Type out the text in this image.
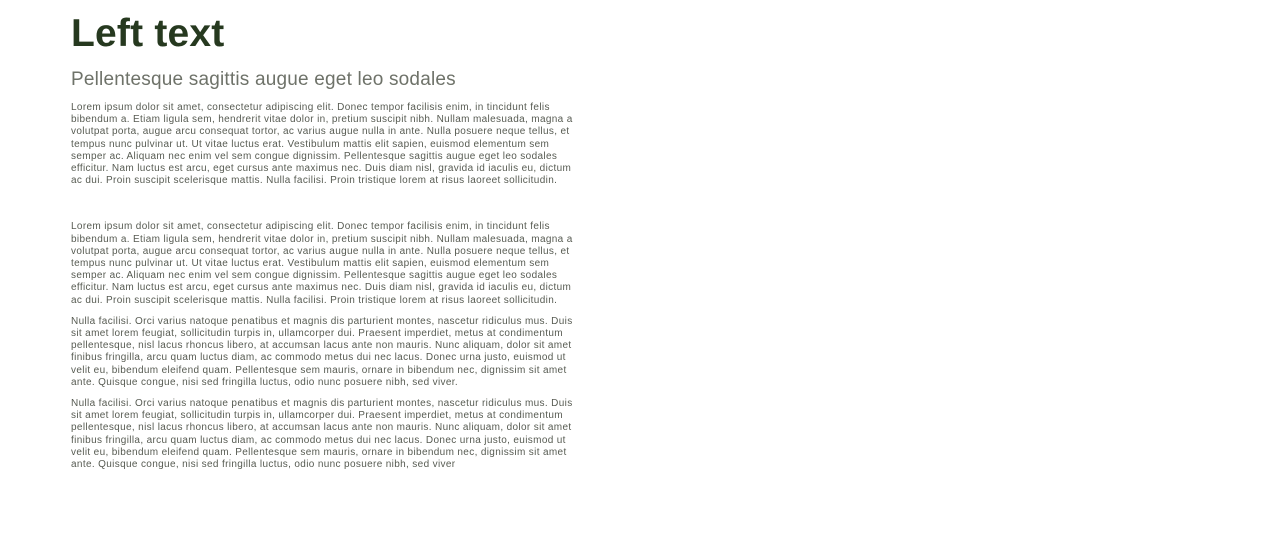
Left text
Pellentesque sagittis augue eget leo sodales

Lorem ipsum dolor sit amet, consectetur adipiscing elit. Donec tempor facilisis enim, in tincidunt felis bibendum a. Etiam ligula sem, hendrerit vitae dolor in, pretium suscipit nibh. Nullam malesuada, magna a volutpat porta, augue arcu consequat tortor, ac varius augue nulla in ante. Nulla posuere neque tellus, et tempus nunc pulvinar ut. Ut vitae luctus erat. Vestibulum mattis elit sapien, euismod elementum sem semper ac. Aliquam nec enim vel sem congue dignissim. Pellentesque sagittis augue eget leo sodales efficitur. Nam luctus est arcu, eget cursus ante maximus nec. Duis diam nisl, gravida id iaculis eu, dictum ac dui. Proin suscipit scelerisque mattis. Nulla facilisi. Proin tristique lorem at risus laoreet sollicitudin.

Lorem ipsum dolor sit amet, consectetur adipiscing elit. Donec tempor facilisis enim, in tincidunt felis bibendum a. Etiam ligula sem, hendrerit vitae dolor in, pretium suscipit nibh. Nullam malesuada, magna a volutpat porta, augue arcu consequat tortor, ac varius augue nulla in ante. Nulla posuere neque tellus, et tempus nunc pulvinar ut. Ut vitae luctus erat. Vestibulum mattis elit sapien, euismod elementum sem semper ac. Aliquam nec enim vel sem congue dignissim. Pellentesque sagittis augue eget leo sodales efficitur. Nam luctus est arcu, eget cursus ante maximus nec. Duis diam nisl, gravida id iaculis eu, dictum ac dui. Proin suscipit scelerisque mattis. Nulla facilisi. Proin tristique lorem at risus laoreet sollicitudin.

Nulla facilisi. Orci varius natoque penatibus et magnis dis parturient montes, nascetur ridiculus mus. Duis sit amet lorem feugiat, sollicitudin turpis in, ullamcorper dui. Praesent imperdiet, metus at condimentum pellentesque, nisl lacus rhoncus libero, at accumsan lacus ante non mauris. Nunc aliquam, dolor sit amet finibus fringilla, arcu quam luctus diam, ac commodo metus dui nec lacus. Donec urna justo, euismod ut velit eu, bibendum eleifend quam. Pellentesque sem mauris, ornare in bibendum nec, dignissim sit amet ante. Quisque congue, nisi sed fringilla luctus, odio nunc posuere nibh, sed viver.

Nulla facilisi. Orci varius natoque penatibus et magnis dis parturient montes, nascetur ridiculus mus. Duis sit amet lorem feugiat, sollicitudin turpis in, ullamcorper dui. Praesent imperdiet, metus at condimentum pellentesque, nisl lacus rhoncus libero, at accumsan lacus ante non mauris. Nunc aliquam, dolor sit amet finibus fringilla, arcu quam luctus diam, ac commodo metus dui nec lacus. Donec urna justo, euismod ut velit eu, bibendum eleifend quam. Pellentesque sem mauris, ornare in bibendum nec, dignissim sit amet ante. Quisque congue, nisi sed fringilla luctus, odio nunc posuere nibh, sed viver
